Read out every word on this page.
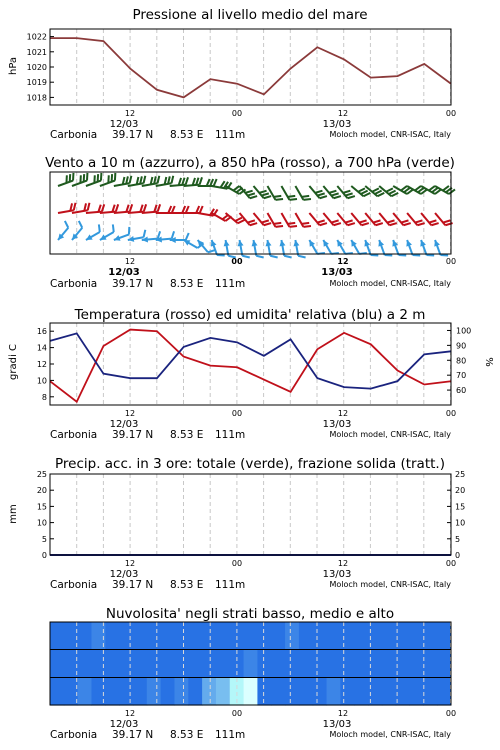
Pressione al livello medio del mare
hPa
1018
1019
1020
1021
1022
12	00	12	00
12/03	13/03
Carbonia 39.17 N 8.53 E 111m	Moloch model, CNR-ISAC, Italy
Vento a 10 m (azzurro), a 850 hPa (rosso), a 700 hPa (verde)
12	00	12	00
12/03	13/03
Carbonia 39.17 N 8.53 E 111m	Moloch model, CNR-ISAC, Italy
Temperatura (rosso) ed umidita' relativa (blu) a 2 m
gradi C	%
8
10
12
14
16
60
70
80
90
100
12	00	12	00
12/03	13/03
Carbonia 39.17 N 8.53 E 111m	Moloch model, CNR-ISAC, Italy
Precip. acc. in 3 ore: totale (verde), frazione solida (tratt.)
mm
0
5
10
15
20
25
0
5
10
15
20
25
12	00	12	00
12/03	13/03
Carbonia 39.17 N 8.53 E 111m	Moloch model, CNR-ISAC, Italy
Nuvolosita' negli strati basso, medio e alto
12	00	12	00
12/03	13/03
Carbonia 39.17 N 8.53 E 111m	Moloch model, CNR-ISAC, Italy
